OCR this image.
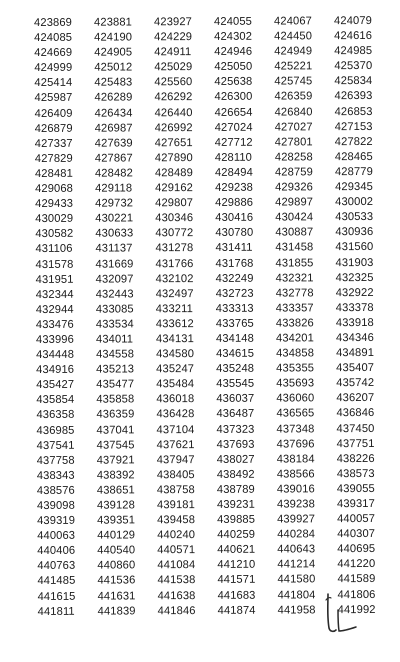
423869	423881	423927	424055	424067	424079
424085	424190	424229	424302	424450	424616
424669	424905	424911	424946	424949	424985
424999	425012	425029	425050	425221	425370
425414	425483	425560	425638	425745	425834
425987	426289	426292	426300	426359	426393
426409	426434	426440	426654	426840	426853
426879	426987	426992	427024	427027	427153
427337	427639	427651	427712	427801	427822
427829	427867	427890	428110	428258	428465
428481	428482	428489	428494	428759	428779
429068	429118	429162	429238	429326	429345
429433	429732	429807	429886	429897	430002
430029	430221	430346	430416	430424	430533
430582	430633	430772	430780	430887	430936
431106	431137	431278	431411	431458	431560
431578	431669	431766	431768	431855	431903
431951	432097	432102	432249	432321	432325
432344	432443	432497	432723	432778	432922
432944	433085	433211	433313	433357	433378
433476	433534	433612	433765	433826	433918
433996	434011	434131	434148	434201	434346
434448	434558	434580	434615	434858	434891
434916	435213	435247	435248	435355	435407
435427	435477	435484	435545	435693	435742
435854	435858	436018	436037	436060	436207
436358	436359	436428	436487	436565	436846
436985	437041	437104	437323	437348	437450
437541	437545	437621	437693	437696	437751
437758	437921	437947	438027	438184	438226
438343	438392	438405	438492	438566	438573
438576	438651	438758	438789	439016	439055
439098	439128	439181	439231	439238	439317
439319	439351	439458	439885	439927	440057
440063	440129	440240	440259	440284	440307
440406	440540	440571	440621	440643	440695
440763	440860	441084	441210	441214	441220
441485	441536	441538	441571	441580	441589
441615	441631	441638	441683	441804	441806
441811	441839	441846	441874	441958	441992
